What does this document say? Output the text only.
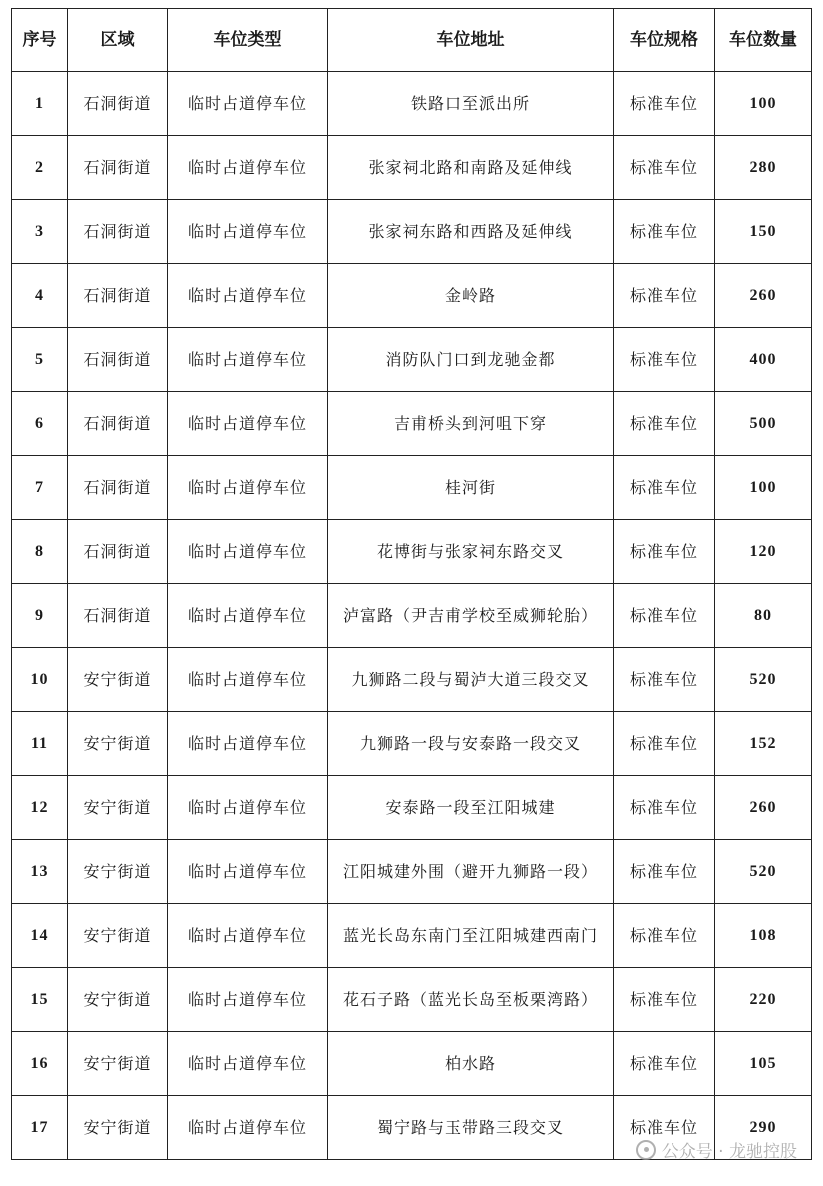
序号	区域	车位类型	车位地址	车位规格	车位数量
1	石洞街道	临时占道停车位	铁路口至派出所	标准车位	100
2	石洞街道	临时占道停车位	张家祠北路和南路及延伸线	标准车位	280
3	石洞街道	临时占道停车位	张家祠东路和西路及延伸线	标准车位	150
4	石洞街道	临时占道停车位	金岭路	标准车位	260
5	石洞街道	临时占道停车位	消防队门口到龙驰金都	标准车位	400
6	石洞街道	临时占道停车位	吉甫桥头到河咀下穿	标准车位	500
7	石洞街道	临时占道停车位	桂河街	标准车位	100
8	石洞街道	临时占道停车位	花博街与张家祠东路交叉	标准车位	120
9	石洞街道	临时占道停车位	泸富路（尹吉甫学校至威狮轮胎）	标准车位	80
10	安宁街道	临时占道停车位	九狮路二段与蜀泸大道三段交叉	标准车位	520
11	安宁街道	临时占道停车位	九狮路一段与安泰路一段交叉	标准车位	152
12	安宁街道	临时占道停车位	安泰路一段至江阳城建	标准车位	260
13	安宁街道	临时占道停车位	江阳城建外围（避开九狮路一段）	标准车位	520
14	安宁街道	临时占道停车位	蓝光长岛东南门至江阳城建西南门	标准车位	108
15	安宁街道	临时占道停车位	花石子路（蓝光长岛至板栗湾路）	标准车位	220
16	安宁街道	临时占道停车位	柏水路	标准车位	105
17	安宁街道	临时占道停车位	蜀宁路与玉带路三段交叉	标准车位	290
公众号 · 龙驰控股
